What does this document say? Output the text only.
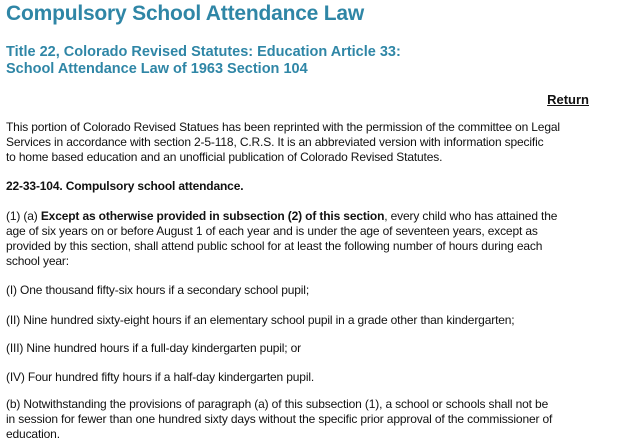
Compulsory School Attendance Law
Title 22, Colorado Revised Statutes: Education Article 33:
School Attendance Law of 1963 Section 104
Return

This portion of Colorado Revised Statues has been reprinted with the permission of the committee on Legal
Services in accordance with section 2-5-118, C.R.S. It is an abbreviated version with information specific
to home based education and an unofficial publication of Colorado Revised Statutes.

22-33-104. Compulsory school attendance.

(1) (a) Except as otherwise provided in subsection (2) of this section, every child who has attained the
age of six years on or before August 1 of each year and is under the age of seventeen years, except as
provided by this section, shall attend public school for at least the following number of hours during each
school year:

(I) One thousand fifty-six hours if a secondary school pupil;

(II) Nine hundred sixty-eight hours if an elementary school pupil in a grade other than kindergarten;

(III) Nine hundred hours if a full-day kindergarten pupil; or

(IV) Four hundred fifty hours if a half-day kindergarten pupil.

(b) Notwithstanding the provisions of paragraph (a) of this subsection (1), a school or schools shall not be
in session for fewer than one hundred sixty days without the specific prior approval of the commissioner of
education.
